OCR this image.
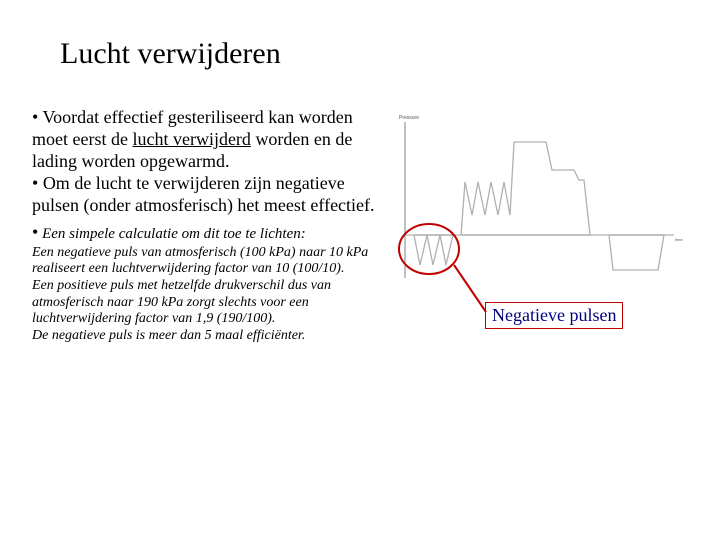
Lucht verwijderen

• Voordat effectief gesteriliseerd kan worden moet eerst de lucht verwijderd worden en de lading worden opgewarmd.

• Om de lucht te verwijderen zijn negatieve pulsen (onder atmosferisch) het meest effectief.

• Een simpele calculatie om dit toe te lichten:

Een negatieve puls van atmosferisch (100 kPa) naar 10 kPa realiseert een luchtverwijdering factor van 10 (100/10).

Een positieve puls met hetzelfde drukverschil dus van atmosferisch naar 190 kPa zorgt slechts voor een luchtverwijdering factor van 1,9 (190/100).

De negatieve puls is meer dan 5 maal efficiënter.

Pressure
time
Negatieve pulsen
